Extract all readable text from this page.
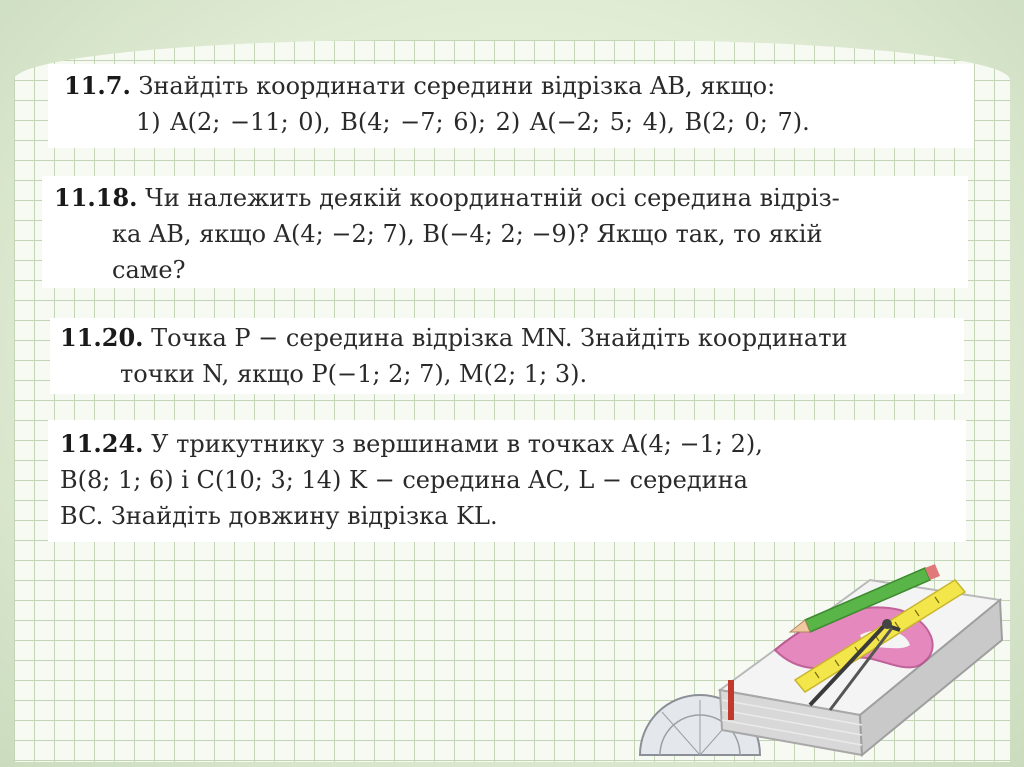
11.7. Знайдіть координати середини відрізка AB, якщо:
1) A(2; −11; 0), B(4; −7; 6); 2) A(−2; 5; 4), B(2; 0; 7).
11.18. Чи належить деякій координатній осі середина відріз-
ка AB, якщо A(4; −2; 7), B(−4; 2; −9)? Якщо так, то якій
саме?
11.20. Точка P − середина відрізка MN. Знайдіть координати
точки N, якщо P(−1; 2; 7), M(2; 1; 3).
11.24. У трикутнику з вершинами в точках A(4; −1; 2),
B(8; 1; 6) і C(10; 3; 14) K − середина AC, L − середина
BC. Знайдіть довжину відрізка KL.
